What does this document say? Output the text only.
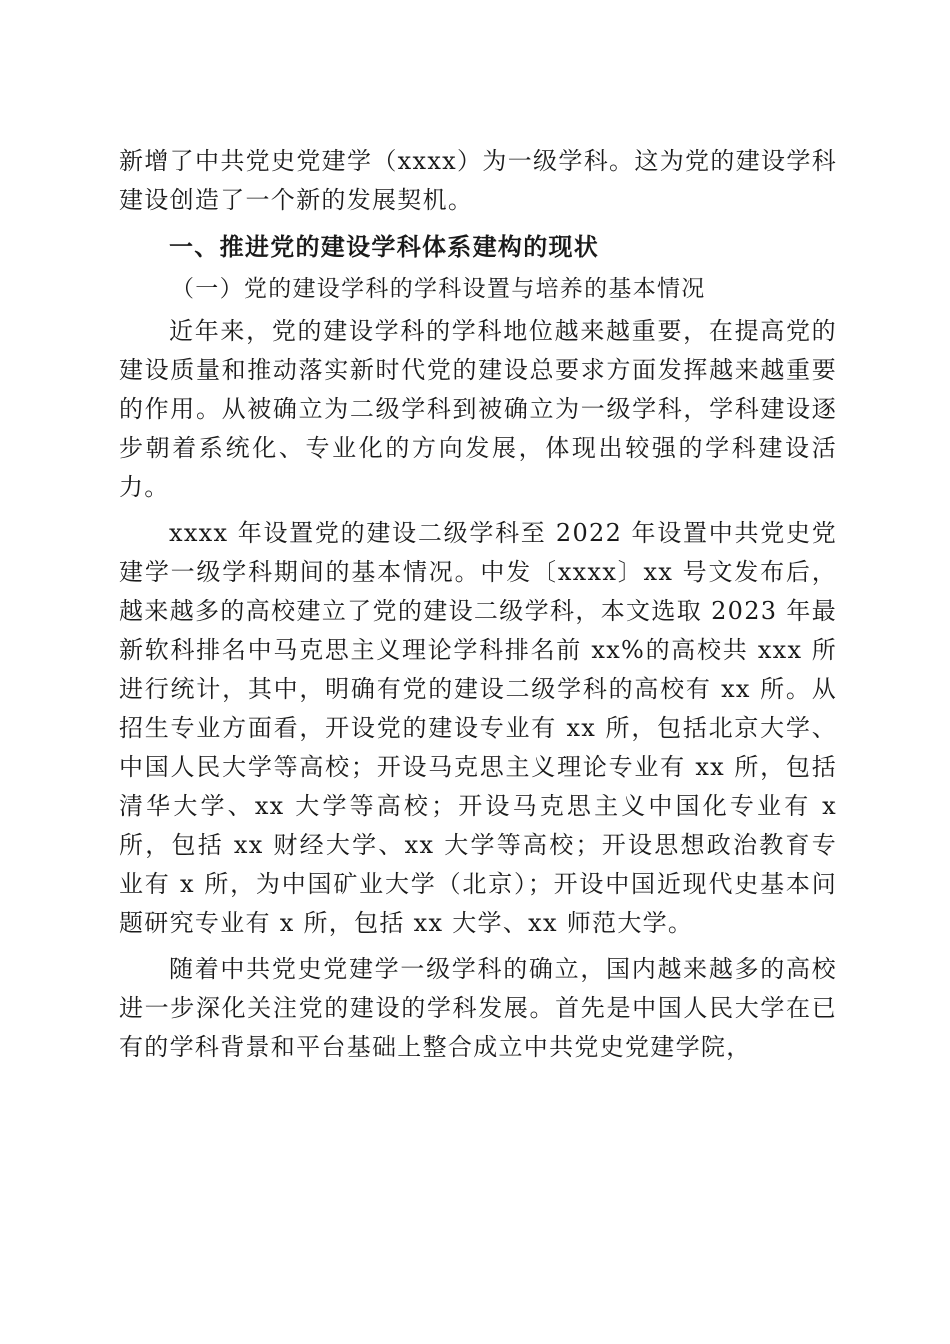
新增了中共党史党建学（xxxx）为一级学科。这为党的建设学科建设创造了一个新的发展契机。

一、推进党的建设学科体系建构的现状

（一）党的建设学科的学科设置与培养的基本情况

近年来，党的建设学科的学科地位越来越重要，在提高党的建设质量和推动落实新时代党的建设总要求方面发挥越来越重要的作用。从被确立为二级学科到被确立为一级学科，学科建设逐步朝着系统化、专业化的方向发展，体现出较强的学科建设活力。

xxxx 年设置党的建设二级学科至 2022 年设置中共党史党建学一级学科期间的基本情况。中发〔xxxx〕xx 号文发布后，越来越多的高校建立了党的建设二级学科，本文选取 2023 年最新软科排名中马克思主义理论学科排名前 xx%的高校共 xxx 所进行统计，其中，明确有党的建设二级学科的高校有 xx 所。从招生专业方面看，开设党的建设专业有 xx 所，包括北京大学、中国人民大学等高校；开设马克思主义理论专业有 xx 所，包括清华大学、xx 大学等高校；开设马克思主义中国化专业有 x 所，包括 xx 财经大学、xx 大学等高校；开设思想政治教育专业有 x 所，为中国矿业大学（北京）；开设中国近现代史基本问题研究专业有 x 所，包括 xx 大学、xx 师范大学。

随着中共党史党建学一级学科的确立，国内越来越多的高校进一步深化关注党的建设的学科发展。首先是中国人民大学在已有的学科背景和平台基础上整合成立中共党史党建学院，
